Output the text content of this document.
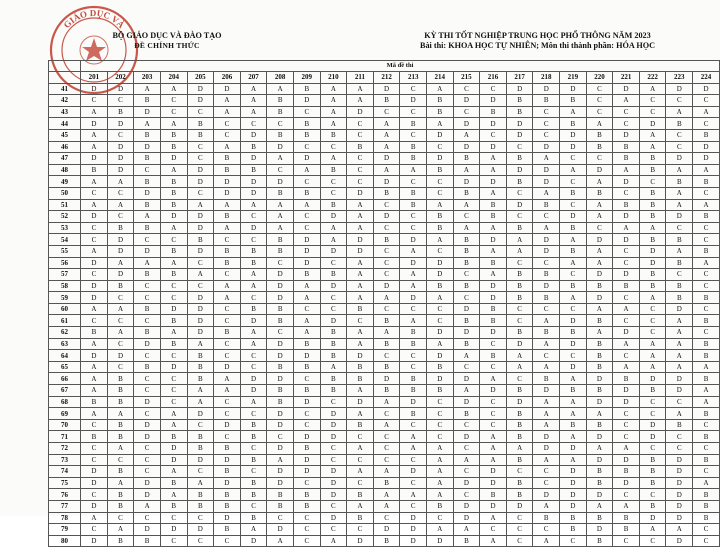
GIÁO DỤC VÀ
BỘ GIÁO DỤC VÀ ĐÀO TẠO
ĐỀ CHÍNH THỨC
KỲ THI TỐT NGHIỆP TRUNG HỌC PHỔ THÔNG NĂM 2023
Bài thi: KHOA HỌC TỰ NHIÊN; Môn thi thành phần: HÓA HỌC
	Mã đề thi																							
	201	202	203	204	205	206	207	208	209	210	211	212	213	214	215	216	217	218	219	220	221	222	223	224
41	D	D	A	A	D	D	A	A	B	A	A	D	C	A	C	C	D	D	D	C	D	A	D	D
42	C	C	B	C	D	A	A	B	D	A	A	B	D	B	D	D	B	B	B	C	A	C	C	C
43	A	B	D	C	C	A	A	B	C	A	D	C	C	B	C	B	B	C	A	C	C	C	A	A
44	D	D	A	A	B	C	C	C	B	A	C	A	B	A	D	D	D	C	B	A	C	D	B	C
45	A	C	B	B	B	C	D	B	B	B	C	A	C	D	A	C	D	C	D	B	D	A	C	B
46	A	D	D	B	C	A	B	D	C	C	B	A	B	C	D	D	C	D	D	B	B	A	C	D
47	D	D	B	D	C	B	D	A	D	A	C	D	B	D	B	A	B	A	C	C	B	B	D	D
48	B	D	C	A	D	B	B	C	A	B	C	A	A	B	A	A	D	D	A	D	A	B	A	A
49	A	A	B	B	D	D	D	D	C	C	C	D	C	C	D	D	B	D	C	A	D	C	B	B
50	C	C	D	B	C	D	D	B	B	C	D	B	B	C	B	A	C	A	B	B	C	B	A	C
51	A	A	B	B	A	A	A	A	A	B	A	C	B	A	A	B	D	B	C	A	B	B	A	A
52	D	C	A	D	D	B	C	A	C	D	A	D	C	B	C	B	C	C	D	A	D	B	D	B
53	C	B	B	A	D	A	D	A	C	A	A	C	C	B	A	A	B	A	B	C	A	A	C	C
54	C	D	C	C	B	C	C	B	D	A	D	B	D	A	B	D	A	D	A	D	D	B	B	C
55	A	D	D	B	D	B	B	B	D	D	D	C	A	C	B	A	A	D	B	A	C	D	A	B
56	D	A	A	A	C	B	B	C	D	C	A	C	D	D	B	B	C	C	A	A	C	D	B	A
57	C	D	B	B	A	C	A	D	B	B	A	C	A	D	C	A	B	B	C	D	D	B	C	C
58	D	B	C	C	C	A	A	D	A	D	A	D	A	B	B	D	B	D	B	B	B	B	B	C
59	D	C	C	C	D	A	C	D	A	C	A	A	D	A	C	D	B	B	A	D	C	A	B	B
60	A	A	B	D	D	C	B	B	C	C	B	C	C	C	D	B	C	C	C	A	A	C	D	C
61	C	C	C	B	D	C	D	B	A	D	C	B	A	C	B	B	C	A	D	B	C	C	A	B
62	B	A	B	A	D	B	A	C	A	B	A	A	B	D	D	D	B	B	B	A	D	C	A	C
63	A	C	D	B	A	C	A	D	B	B	A	B	B	A	B	C	D	A	D	B	A	A	A	B
64	D	D	C	C	B	C	C	D	D	B	D	C	C	D	A	B	A	C	C	B	C	A	A	B
65	A	C	B	D	B	D	C	B	B	A	B	B	C	B	C	C	A	A	D	B	A	A	A	A
66	A	B	C	C	B	A	D	D	C	B	B	D	B	D	D	A	C	B	A	D	B	D	D	B
67	A	B	C	C	A	A	D	B	B	B	A	B	B	B	A	D	B	D	B	B	D	B	D	A
68	B	B	D	C	A	C	A	B	D	C	D	A	D	C	D	C	D	A	A	D	D	C	C	A
69	A	A	C	A	D	C	C	D	C	D	A	C	B	C	B	C	B	A	A	A	C	C	A	B
70	C	B	D	A	C	D	B	D	C	D	B	A	C	C	C	C	B	A	B	B	C	D	B	C
71	B	B	D	B	B	C	B	C	D	D	C	C	A	C	D	A	B	D	A	D	C	D	C	B
72	C	A	C	D	B	B	C	D	B	C	A	C	A	A	C	A	A	D	D	A	A	C	C	C
73	C	C	C	D	D	D	B	A	D	C	C	C	C	A	A	A	B	A	A	D	D	B	D	B
74	D	B	C	A	C	B	C	D	D	D	A	A	D	A	C	D	C	C	D	B	B	B	D	C
75	D	A	D	B	A	D	B	D	C	D	C	B	C	A	D	D	B	C	D	B	D	B	D	A
76	C	B	D	A	B	B	B	B	B	D	B	A	A	A	C	B	B	D	D	D	C	C	D	B
77	D	B	A	B	B	B	C	B	B	C	A	A	C	B	D	D	D	A	D	A	A	B	D	B
78	A	C	C	C	C	D	B	C	C	D	B	C	D	C	D	A	C	B	B	B	B	D	D	B
79	C	A	D	D	D	B	A	D	C	C	C	D	D	A	A	C	C	C	B	D	B	A	A	C
80	D	B	B	C	C	C	D	A	C	A	D	B	D	D	B	A	C	A	C	B	C	C	D	C
